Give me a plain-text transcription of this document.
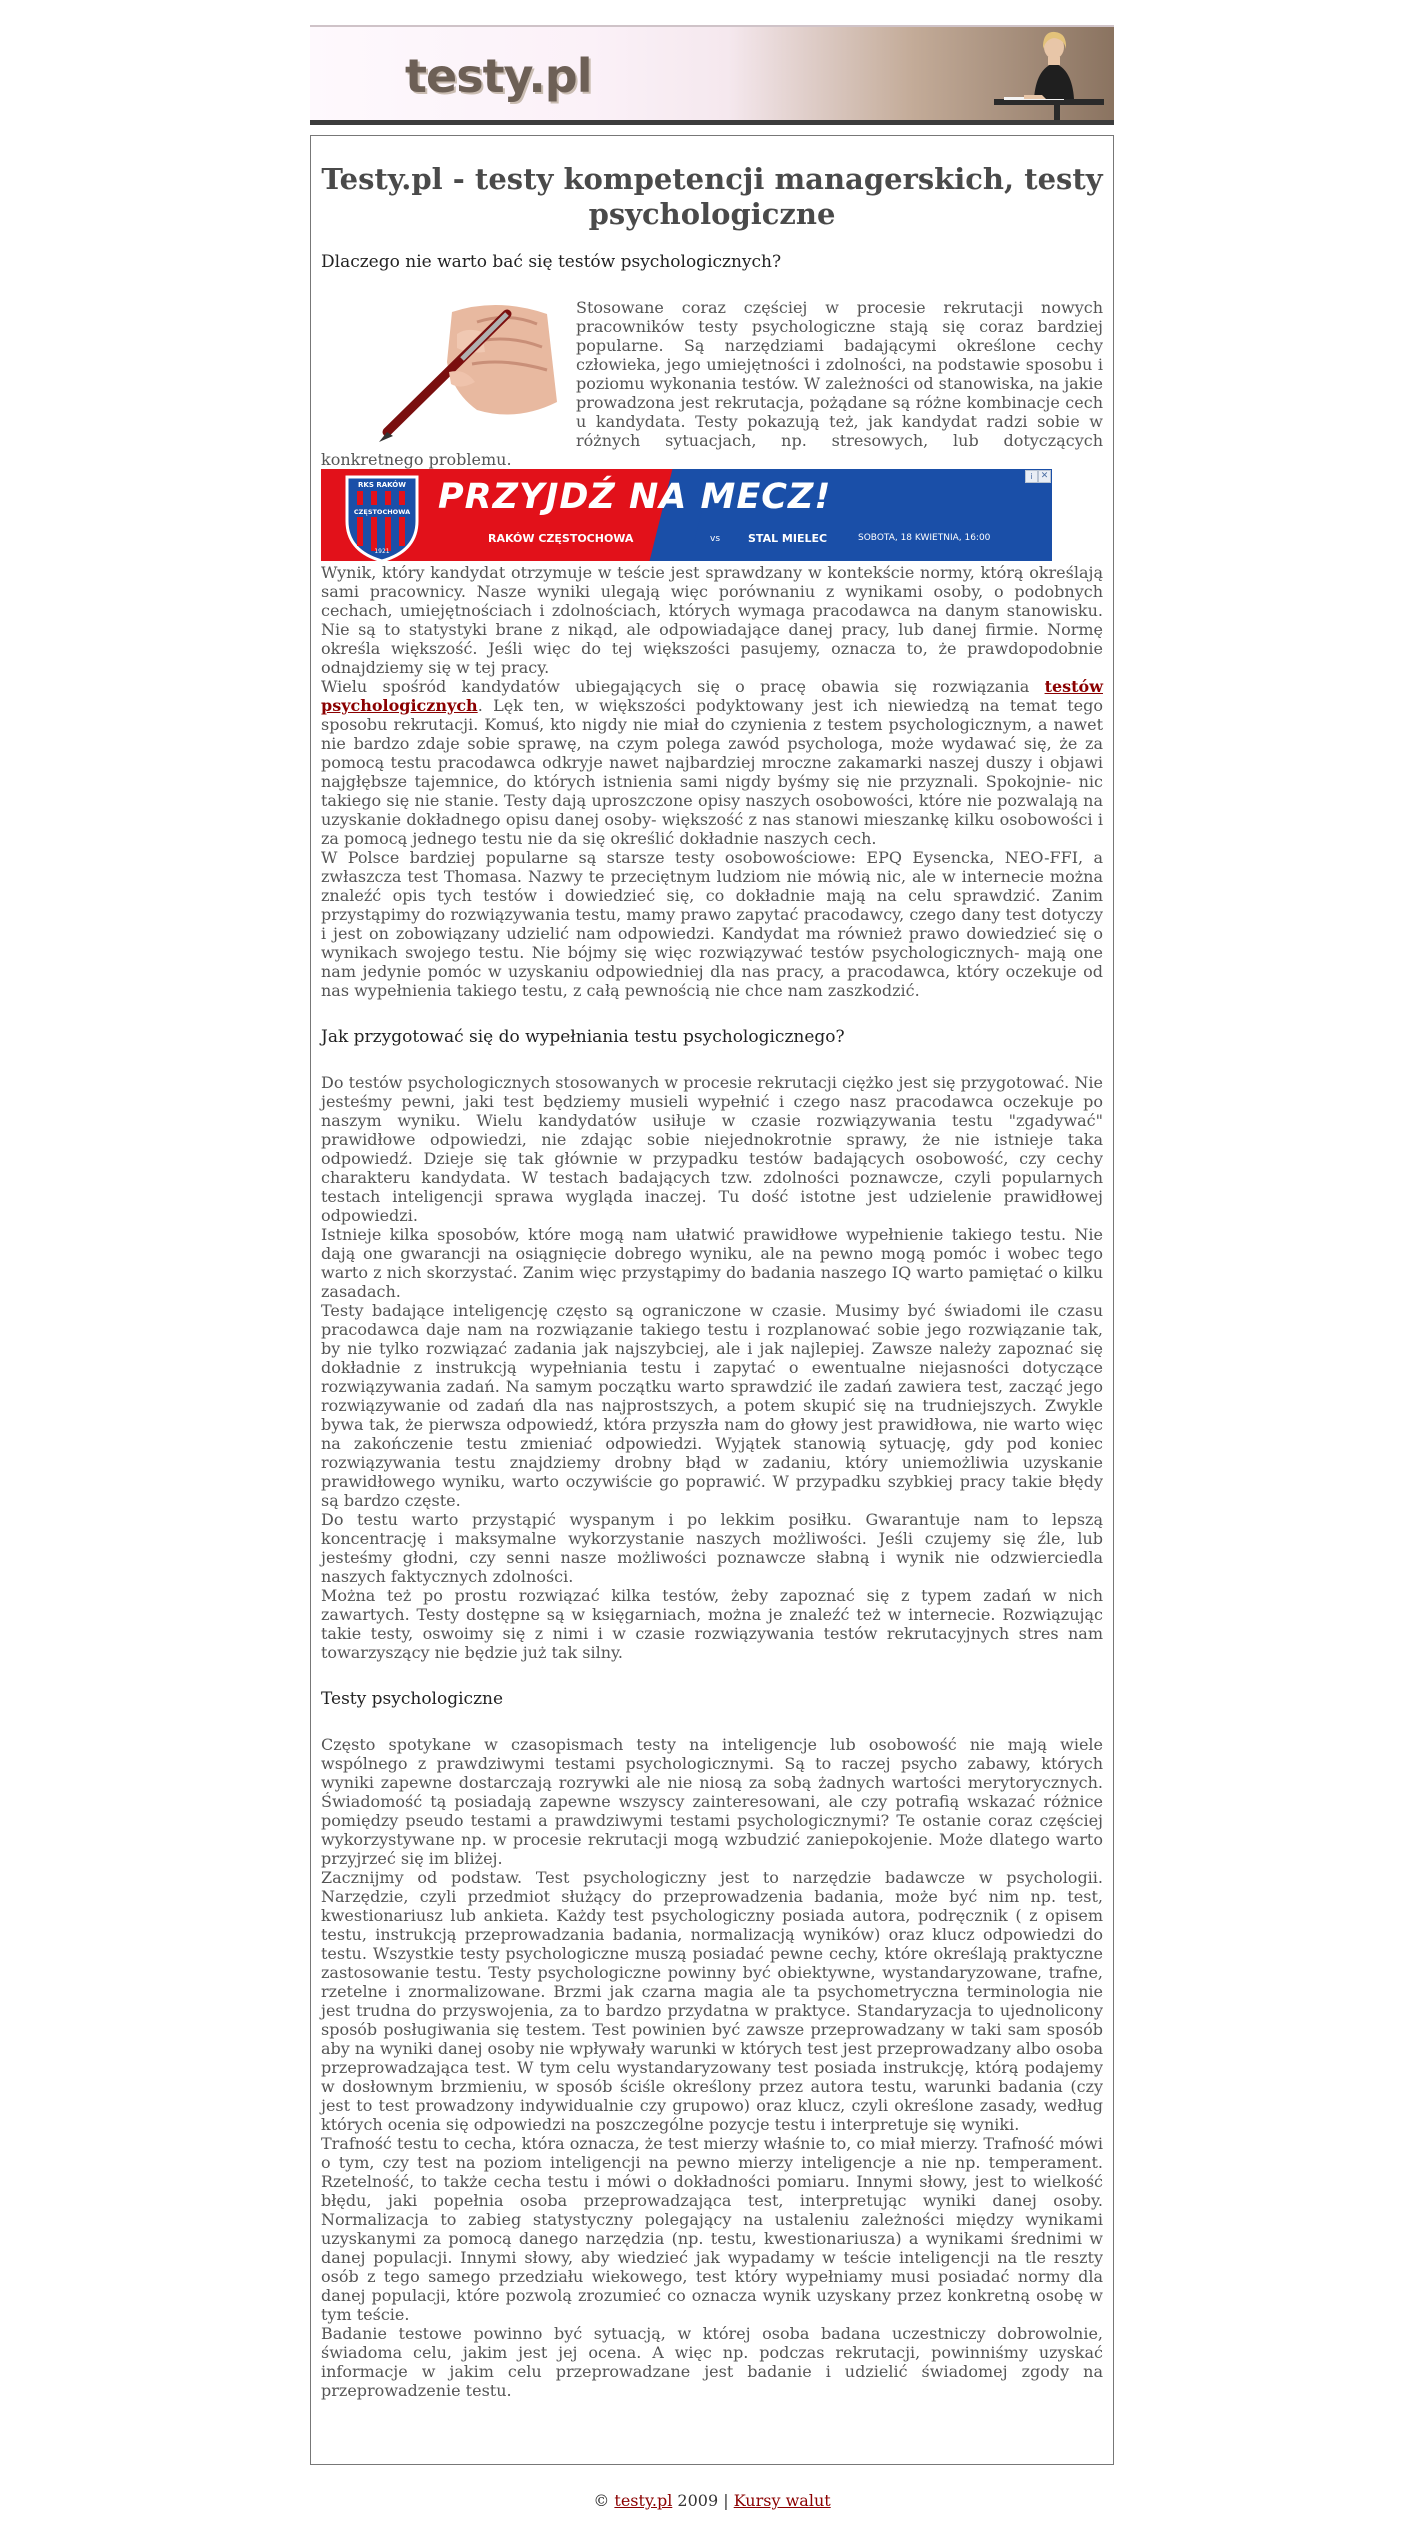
testy.pl
Testy.pl - testy kompetencji managerskich, testy psychologiczne
Dlaczego nie warto bać się testów psychologicznych?

Stosowane coraz częściej w procesie rekrutacji nowych pracowników testy psychologiczne stają się coraz bardziej popularne. Są narzędziami badającymi określone cechy człowieka, jego umiejętności i zdolności, na podstawie sposobu i poziomu wykonania testów. W zależności od stanowiska, na jakie prowadzona jest rekrutacja, pożądane są różne kombinacje cech u kandydata. Testy pokazują też, jak kandydat radzi sobie w różnych sytuacjach, np. stresowych, lub dotyczących konkretnego problemu.

RKS RAKÓW
CZĘSTOCHOWA
1921
PRZYJDŹ NA MECZ!
RAKÓW CZĘSTOCHOWA	vs	STAL MIELEC	SOBOTA, 18 KWIETNIA, 16:00
i ✕

Wynik, który kandydat otrzymuje w teście jest sprawdzany w kontekście normy, którą określają sami pracownicy. Nasze wyniki ulegają więc porównaniu z wynikami osoby, o podobnych cechach, umiejętnościach i zdolnościach, których wymaga pracodawca na danym stanowisku. Nie są to statystyki brane z nikąd, ale odpowiadające danej pracy, lub danej firmie. Normę określa większość. Jeśli więc do tej większości pasujemy, oznacza to, że prawdopodobnie odnajdziemy się w tej pracy.

Wielu spośród kandydatów ubiegających się o pracę obawia się rozwiązania testów psychologicznych. Lęk ten, w większości podyktowany jest ich niewiedzą na temat tego sposobu rekrutacji. Komuś, kto nigdy nie miał do czynienia z testem psychologicznym, a nawet nie bardzo zdaje sobie sprawę, na czym polega zawód psychologa, może wydawać się, że za pomocą testu pracodawca odkryje nawet najbardziej mroczne zakamarki naszej duszy i objawi najgłębsze tajemnice, do których istnienia sami nigdy byśmy się nie przyznali. Spokojnie- nic takiego się nie stanie. Testy dają uproszczone opisy naszych osobowości, które nie pozwalają na uzyskanie dokładnego opisu danej osoby- większość z nas stanowi mieszankę kilku osobowości i za pomocą jednego testu nie da się określić dokładnie naszych cech.

W Polsce bardziej popularne są starsze testy osobowościowe: EPQ Eysencka, NEO-FFI, a zwłaszcza test Thomasa. Nazwy te przeciętnym ludziom nie mówią nic, ale w internecie można znaleźć opis tych testów i dowiedzieć się, co dokładnie mają na celu sprawdzić. Zanim przystąpimy do rozwiązywania testu, mamy prawo zapytać pracodawcy, czego dany test dotyczy i jest on zobowiązany udzielić nam odpowiedzi. Kandydat ma również prawo dowiedzieć się o wynikach swojego testu. Nie bójmy się więc rozwiązywać testów psychologicznych- mają one nam jedynie pomóc w uzyskaniu odpowiedniej dla nas pracy, a pracodawca, który oczekuje od nas wypełnienia takiego testu, z całą pewnością nie chce nam zaszkodzić.

Jak przygotować się do wypełniania testu psychologicznego?

Do testów psychologicznych stosowanych w procesie rekrutacji ciężko jest się przygotować. Nie jesteśmy pewni, jaki test będziemy musieli wypełnić i czego nasz pracodawca oczekuje po naszym wyniku. Wielu kandydatów usiłuje w czasie rozwiązywania testu "zgadywać" prawidłowe odpowiedzi, nie zdając sobie niejednokrotnie sprawy, że nie istnieje taka odpowiedź. Dzieje się tak głównie w przypadku testów badających osobowość, czy cechy charakteru kandydata. W testach badających tzw. zdolności poznawcze, czyli popularnych testach inteligencji sprawa wygląda inaczej. Tu dość istotne jest udzielenie prawidłowej odpowiedzi.

Istnieje kilka sposobów, które mogą nam ułatwić prawidłowe wypełnienie takiego testu. Nie dają one gwarancji na osiągnięcie dobrego wyniku, ale na pewno mogą pomóc i wobec tego warto z nich skorzystać. Zanim więc przystąpimy do badania naszego IQ warto pamiętać o kilku zasadach.

Testy badające inteligencję często są ograniczone w czasie. Musimy być świadomi ile czasu pracodawca daje nam na rozwiązanie takiego testu i rozplanować sobie jego rozwiązanie tak, by nie tylko rozwiązać zadania jak najszybciej, ale i jak najlepiej. Zawsze należy zapoznać się dokładnie z instrukcją wypełniania testu i zapytać o ewentualne niejasności dotyczące rozwiązywania zadań. Na samym początku warto sprawdzić ile zadań zawiera test, zacząć jego rozwiązywanie od zadań dla nas najprostszych, a potem skupić się na trudniejszych. Zwykle bywa tak, że pierwsza odpowiedź, która przyszła nam do głowy jest prawidłowa, nie warto więc na zakończenie testu zmieniać odpowiedzi. Wyjątek stanowią sytuację, gdy pod koniec rozwiązywania testu znajdziemy drobny błąd w zadaniu, który uniemożliwia uzyskanie prawidłowego wyniku, warto oczywiście go poprawić. W przypadku szybkiej pracy takie błędy są bardzo częste.

Do testu warto przystąpić wyspanym i po lekkim posiłku. Gwarantuje nam to lepszą koncentrację i maksymalne wykorzystanie naszych możliwości. Jeśli czujemy się źle, lub jesteśmy głodni, czy senni nasze możliwości poznawcze słabną i wynik nie odzwierciedla naszych faktycznych zdolności.

Można też po prostu rozwiązać kilka testów, żeby zapoznać się z typem zadań w nich zawartych. Testy dostępne są w księgarniach, można je znaleźć też w internecie. Rozwiązując takie testy, oswoimy się z nimi i w czasie rozwiązywania testów rekrutacyjnych stres nam towarzyszący nie będzie już tak silny.

Testy psychologiczne

Często spotykane w czasopismach testy na inteligencje lub osobowość nie mają wiele wspólnego z prawdziwymi testami psychologicznymi. Są to raczej psycho zabawy, których wyniki zapewne dostarczają rozrywki ale nie niosą za sobą żadnych wartości merytorycznych. Świadomość tą posiadają zapewne wszyscy zainteresowani, ale czy potrafią wskazać różnice pomiędzy pseudo testami a prawdziwymi testami psychologicznymi? Te ostanie coraz częściej wykorzystywane np. w procesie rekrutacji mogą wzbudzić zaniepokojenie. Może dlatego warto przyjrzeć się im bliżej.

Zacznijmy od podstaw. Test psychologiczny jest to narzędzie badawcze w psychologii. Narzędzie, czyli przedmiot służący do przeprowadzenia badania, może być nim np. test, kwestionariusz lub ankieta. Każdy test psychologiczny posiada autora, podręcznik ( z opisem testu, instrukcją przeprowadzania badania, normalizacją wyników) oraz klucz odpowiedzi do testu. Wszystkie testy psychologiczne muszą posiadać pewne cechy, które określają praktyczne zastosowanie testu. Testy psychologiczne powinny być obiektywne, wystandaryzowane, trafne, rzetelne i znormalizowane. Brzmi jak czarna magia ale ta psychometryczna terminologia nie jest trudna do przyswojenia, za to bardzo przydatna w praktyce. Standaryzacja to ujednolicony sposób posługiwania się testem. Test powinien być zawsze przeprowadzany w taki sam sposób aby na wyniki danej osoby nie wpływały warunki w których test jest przeprowadzany albo osoba przeprowadzająca test. W tym celu wystandaryzowany test posiada instrukcję, którą podajemy w dosłownym brzmieniu, w sposób ściśle określony przez autora testu, warunki badania (czy jest to test prowadzony indywidualnie czy grupowo) oraz klucz, czyli określone zasady, według których ocenia się odpowiedzi na poszczególne pozycje testu i interpretuje się wyniki.

Trafność testu to cecha, która oznacza, że test mierzy właśnie to, co miał mierzy. Trafność mówi o tym, czy test na poziom inteligencji na pewno mierzy inteligencje a nie np. temperament. Rzetelność, to także cecha testu i mówi o dokładności pomiaru. Innymi słowy, jest to wielkość błędu, jaki popełnia osoba przeprowadzająca test, interpretując wyniki danej osoby. Normalizacja to zabieg statystyczny polegający na ustaleniu zależności między wynikami uzyskanymi za pomocą danego narzędzia (np. testu, kwestionariusza) a wynikami średnimi w danej populacji. Innymi słowy, aby wiedzieć jak wypadamy w teście inteligencji na tle reszty osób z tego samego przedziału wiekowego, test który wypełniamy musi posiadać normy dla danej populacji, które pozwolą zrozumieć co oznacza wynik uzyskany przez konkretną osobę w tym teście.

Badanie testowe powinno być sytuacją, w której osoba badana uczestniczy dobrowolnie, świadoma celu, jakim jest jej ocena. A więc np. podczas rekrutacji, powinniśmy uzyskać informacje w jakim celu przeprowadzane jest badanie i udzielić świadomej zgody na przeprowadzenie testu.

© testy.pl 2009 | Kursy walut
